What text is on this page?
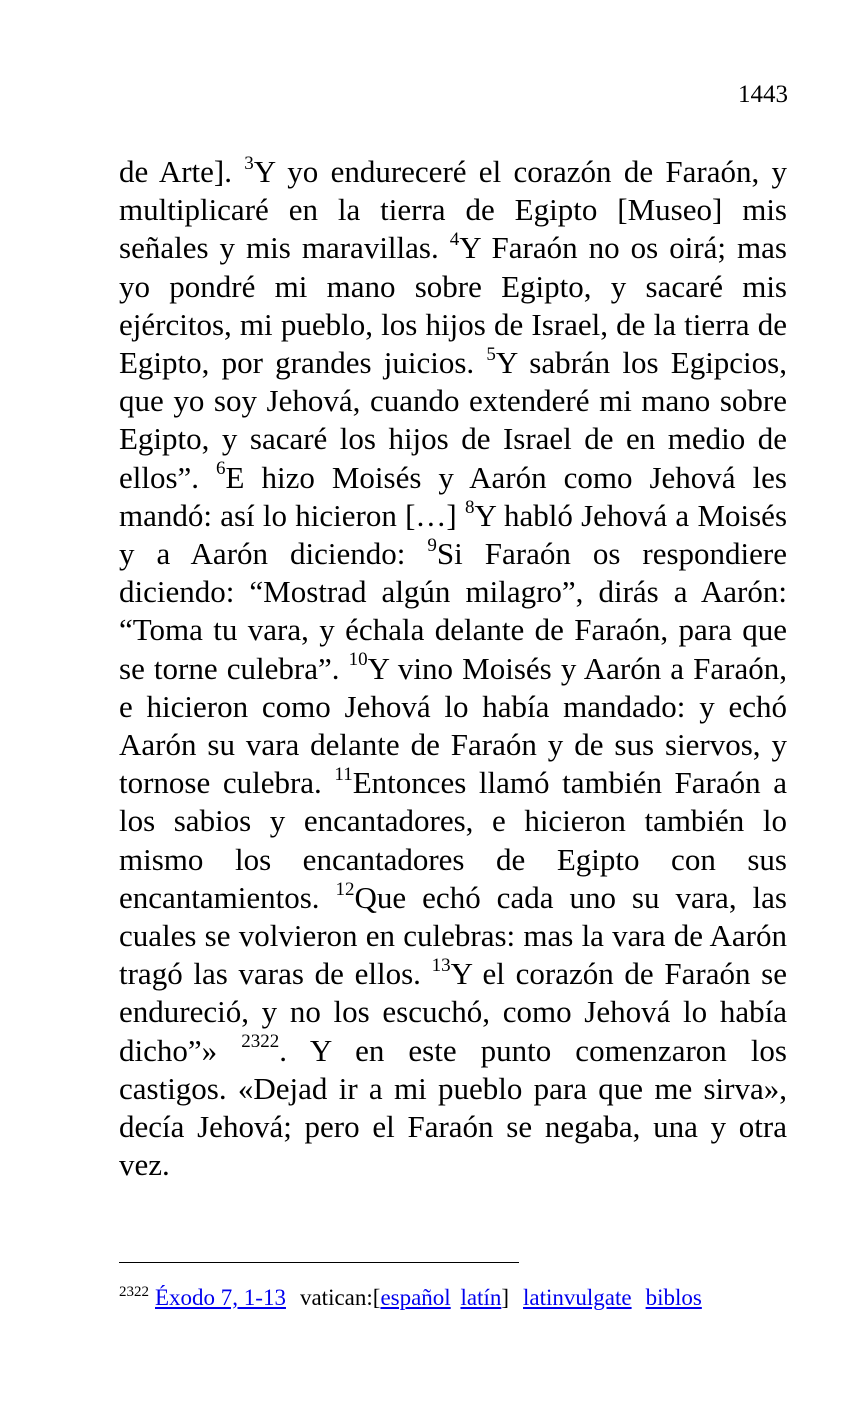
1443

de Arte]. $^3$Y yo endureceré el corazón de Faraón, y multiplicaré en la tierra de Egipto [Museo] mis señales y mis maravillas. $^4$Y Faraón no os oirá; mas yo pondré mi mano sobre Egipto, y sacaré mis ejércitos, mi pueblo, los hijos de Israel, de la tierra de Egipto, por grandes juicios. $^5$Y sabrán los Egipcios, que yo soy Jehová, cuando extenderé mi mano sobre Egipto, y sacaré los hijos de Israel de en medio de ellos”. $^6$E hizo Moisés y Aarón como Jehová les mandó: así lo hicieron […] $^8$Y habló Jehová a Moisés y a Aarón diciendo: $^9$Si Faraón os respondiere diciendo: “Mostrad algún milagro”, dirás a Aarón: “Toma tu vara, y échala delante de Faraón, para que se torne culebra”. $^{10}$Y vino Moisés y Aarón a Faraón, e hicieron como Jehová lo había mandado: y echó Aarón su vara delante de Faraón y de sus siervos, y tornose culebra. $^{11}$Entonces llamó también Faraón a los sabios y encantadores, e hicieron también lo mismo los encantadores de Egipto con sus encantamientos. $^{12}$Que echó cada uno su vara, las cuales se volvieron en culebras: mas la vara de Aarón tragó las varas de ellos. $^{13}$Y el corazón de Faraón se endureció, y no los escuchó, como Jehová lo había dicho”» $^{2322}$. Y en este punto comenzaron los castigos. «Dejad ir a mi pueblo para que me sirva», decía Jehová; pero el Faraón se negaba, una y otra vez.

$^{2322}$ Éxodo 7, 1-13 vatican:[español latín] latinvulgate biblos
